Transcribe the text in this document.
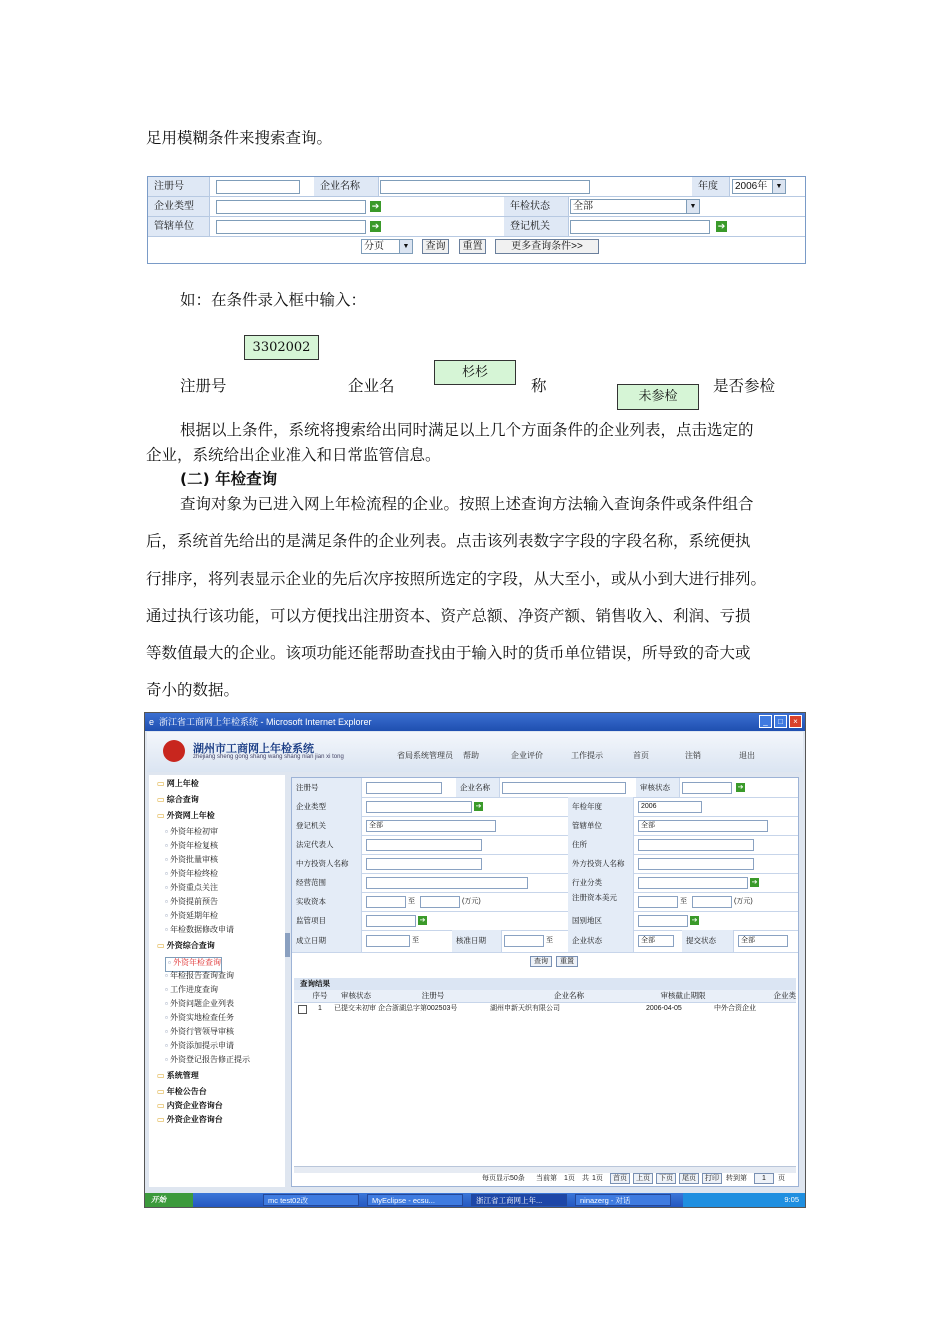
足用模糊条件来搜索查询。
注册号	企业名称	年度	2006年	▼
企业类型	➔	年检状态	全部	▼
管辖单位	➔	登记机关	➔
分页	▼	查询	重置	更多查询条件>>
如：在条件录入框中输入：
3302002
杉杉
未参检
注册号	企业名	称	是否参检
根据以上条件，系统将搜索给出同时满足以上几个方面条件的企业列表，点击选定的
企业，系统给出企业准入和日常监管信息。
(二) 年检查询
查询对象为已进入网上年检流程的企业。按照上述查询方法输入查询条件或条件组合
后，系统首先给出的是满足条件的企业列表。点击该列表数字字段的字段名称，系统便执
行排序，将列表显示企业的先后次序按照所选定的字段，从大至小，或从小到大进行排列。
通过执行该功能，可以方便找出注册资本、资产总额、净资产额、销售收入、利润、亏损
等数值最大的企业。该项功能还能帮助查找由于输入时的货币单位错误，所导致的奇大或
奇小的数据。
e 浙江省工商网上年检系统 - Microsoft Internet Explorer	_	□	×
湖州市工商网上年检系统
zhejiang sheng gong shang wang shang nian jian xi tong	省局系统管理员 帮助	企业评价	工作提示	首页	注销	退出
▭ 网上年检
▭ 综合查询
▭ 外资网上年检
▫ 外资年检初审
▫ 外资年检复核
▫ 外资批量审核
▫ 外资年检终检
▫ 外资重点关注
▫ 外资提前预告
▫ 外资延期年检
▫ 年检数据修改申请
▭ 外资综合查询
▫ 外资年检查询
▫ 年检报告查询查询
▫ 工作进度查询
▫ 外资问题企业列表
▫ 外资实地检查任务
▫ 外资行管领导审核
▫ 外资添加提示申请
▫ 外资登记报告修正提示
▭ 系统管理
▭ 年检公告台
▭ 内资企业咨询台
▭ 外资企业咨询台
注册号	企业名称	审核状态	➔
企业类型	➔	年检年度	2006
登记机关	全部	管辖单位	全部
法定代表人	住所
中方投资人名称	外方投资人名称
经营范围	行业分类	➔
实收资本	至	(万元)	注册资本美元	至	(万元)
监管项目	➔	国别地区	➔
成立日期	至	核准日期	至	企业状态	全部	提交状态	全部
查询	重置
查询结果
序号	审核状态	注册号	企业名称	审核截止期限	企业类
1 已提交未初审 企合浙湖总字第002503号	湖州申新天织有限公司	2006-04-05	中外合资企业
每页显示50条 当前第 1页 共 1页	首页	上页	下页	尾页	打印	转到第	1	页
开始	mc test02改	MyEclipse - ecsu...	浙江省工商网上年...	ninazerg - 对话	9:05
